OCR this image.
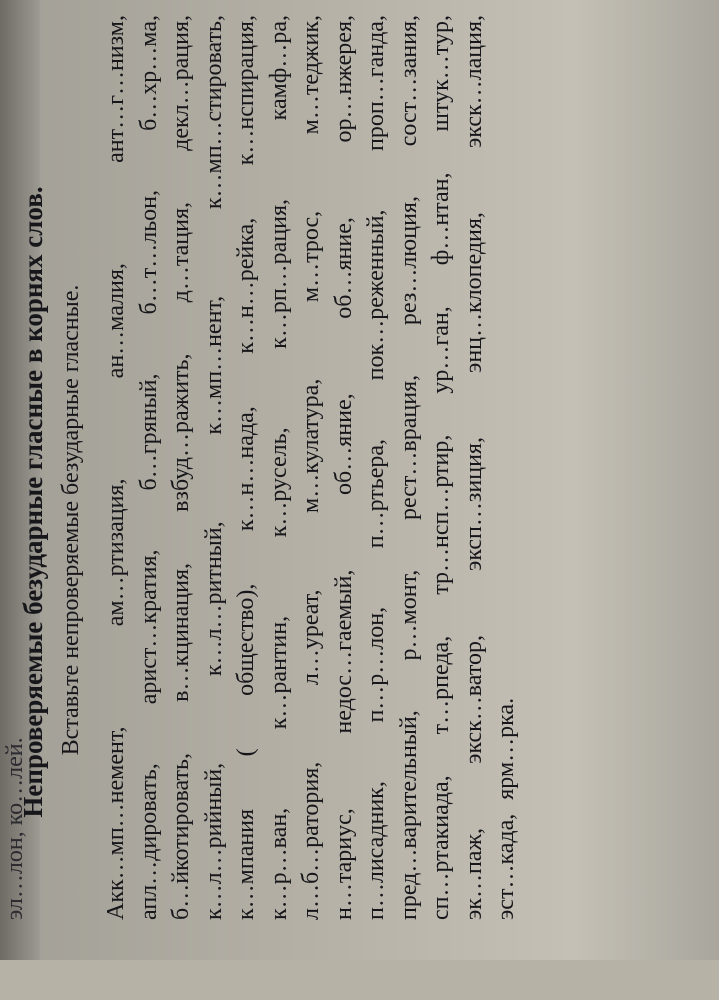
эл…лон, ко…лей.
Непроверяемые безударные гласные в корнях слов. Вставьте непроверяемые безударные гласные.
Акк…мп…немент,
ам…ртизация,
ан…малия,
ант…г…низм,
апл…дировать,
арист…кратия,
б…гряный,
б…т…льон,
б…хр…ма,
б…йкотировать,
в…кцинация,
взбуд…ражить,
д…тация,
декл…рация,
к…л…рийный,
к…л…ритный,
к…мп…нент,
к…мп…стировать,
к…мпания
(
общество),
к…н…нада,
к…н…рейка,
к…нспирация,
к…р…ван,
к…рантин,
к…русель,
к…рп…рация,
камф…ра,
л…б…ратория,
л…уреат,
м…кулатура,
м…трос,
м…теджик,
н…тариус,
недос…гаемый,
об…яние,
об…яние,
ор…нжерея,
п…лисадник,
п…р…лон,
п…ртьера,
пок…реженный,
проп…ганда,
пред…варительный,
р…монт,
рест…врация,
рез…люция,
сост…зания,
сп…ртакиада,
т…рпеда,
тр…нсп…ртир,
ур…ган,
ф…нтан,
штук…тур,
эк…паж,
экск…ватор,
эксп…зиция,
энц…клопедия,
экск…лация,
эст…када,
ярм…рка.
